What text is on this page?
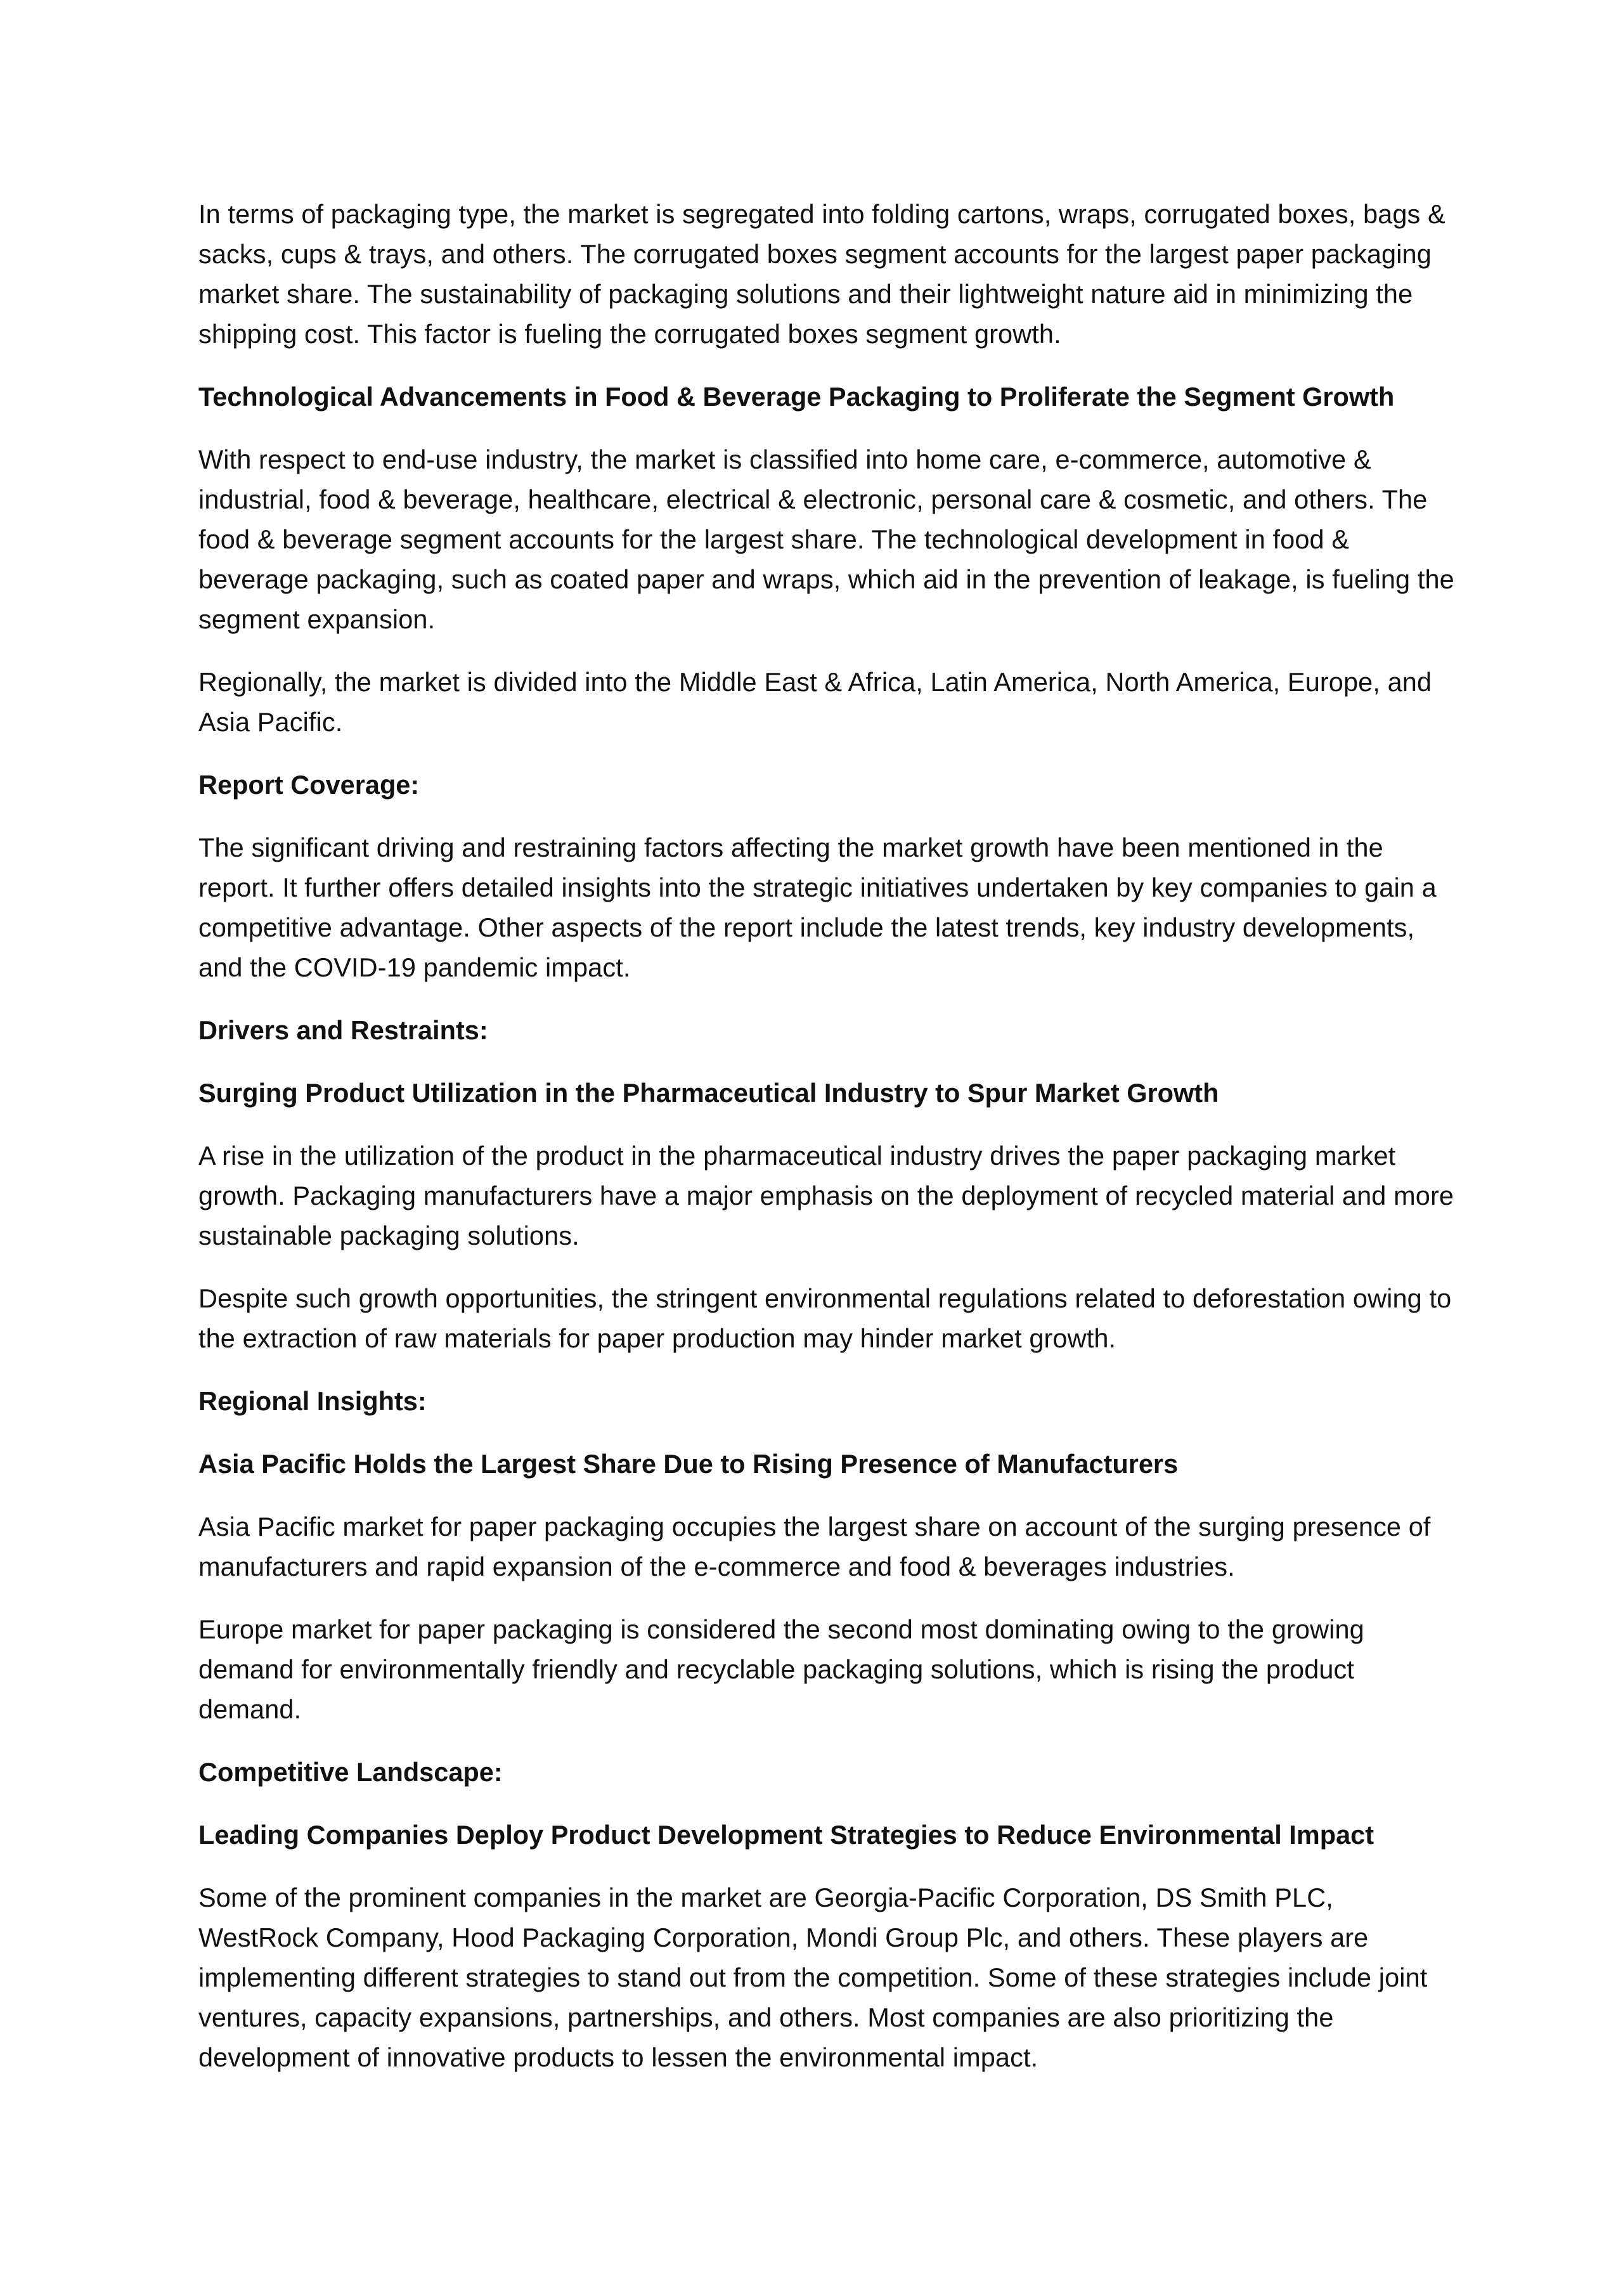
In terms of packaging type, the market is segregated into folding cartons, wraps, corrugated boxes, bags & sacks, cups & trays, and others. The corrugated boxes segment accounts for the largest paper packaging market share. The sustainability of packaging solutions and their lightweight nature aid in minimizing the shipping cost. This factor is fueling the corrugated boxes segment growth.

Technological Advancements in Food & Beverage Packaging to Proliferate the Segment Growth

With respect to end-use industry, the market is classified into home care, e-commerce, automotive & industrial, food & beverage, healthcare, electrical & electronic, personal care & cosmetic, and others. The food & beverage segment accounts for the largest share. The technological development in food & beverage packaging, such as coated paper and wraps, which aid in the prevention of leakage, is fueling the segment expansion.

Regionally, the market is divided into the Middle East & Africa, Latin America, North America, Europe, and Asia Pacific.

Report Coverage:

The significant driving and restraining factors affecting the market growth have been mentioned in the report. It further offers detailed insights into the strategic initiatives undertaken by key companies to gain a competitive advantage. Other aspects of the report include the latest trends, key industry developments, and the COVID-19 pandemic impact.

Drivers and Restraints:
Surging Product Utilization in the Pharmaceutical Industry to Spur Market Growth

A rise in the utilization of the product in the pharmaceutical industry drives the paper packaging market growth. Packaging manufacturers have a major emphasis on the deployment of recycled material and more sustainable packaging solutions.

Despite such growth opportunities, the stringent environmental regulations related to deforestation owing to the extraction of raw materials for paper production may hinder market growth.

Regional Insights:
Asia Pacific Holds the Largest Share Due to Rising Presence of Manufacturers

Asia Pacific market for paper packaging occupies the largest share on account of the surging presence of manufacturers and rapid expansion of the e-commerce and food & beverages industries.

Europe market for paper packaging is considered the second most dominating owing to the growing demand for environmentally friendly and recyclable packaging solutions, which is rising the product demand.

Competitive Landscape:
Leading Companies Deploy Product Development Strategies to Reduce Environmental Impact

Some of the prominent companies in the market are Georgia-Pacific Corporation, DS Smith PLC, WestRock Company, Hood Packaging Corporation, Mondi Group Plc, and others. These players are implementing different strategies to stand out from the competition. Some of these strategies include joint ventures, capacity expansions, partnerships, and others. Most companies are also prioritizing the development of innovative products to lessen the environmental impact.
